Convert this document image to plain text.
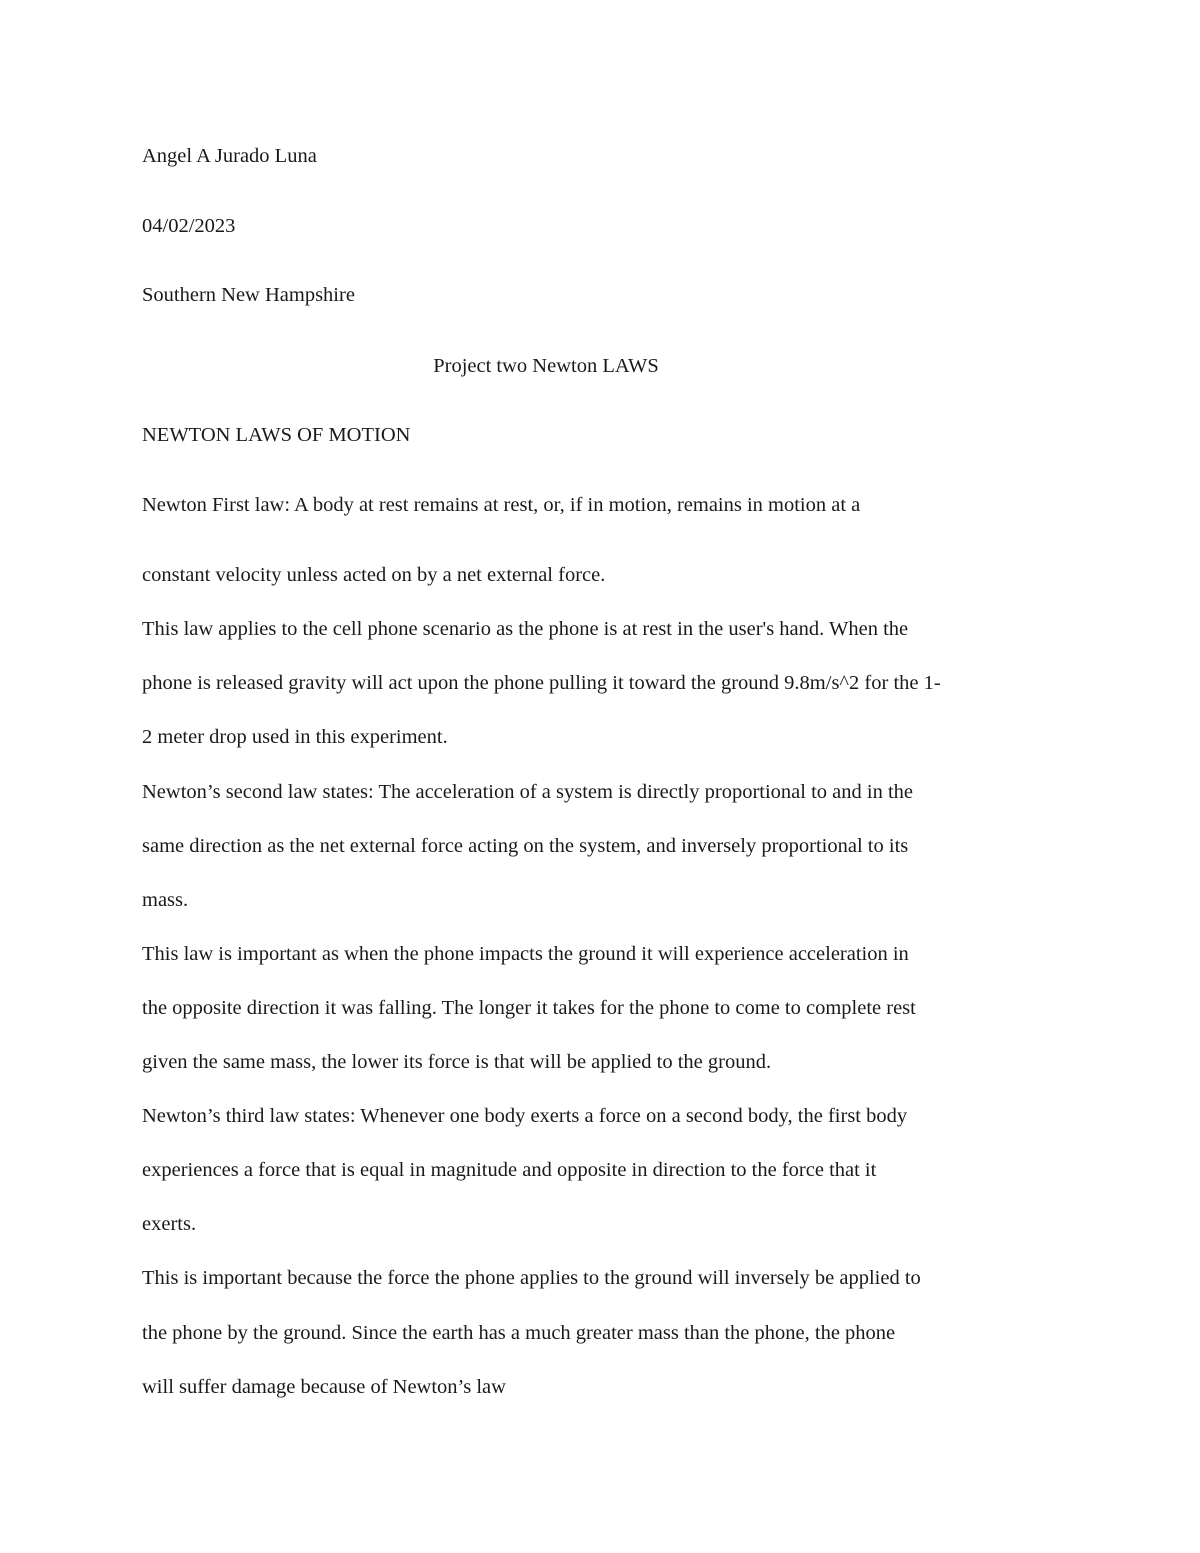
Angel A Jurado Luna
04/02/2023
Southern New Hampshire
Project two Newton LAWS
NEWTON LAWS OF MOTION
Newton First law: A body at rest remains at rest, or, if in motion, remains in motion at a
constant velocity unless acted on by a net external force.
This law applies to the cell phone scenario as the phone is at rest in the user's hand. When the
phone is released gravity will act upon the phone pulling it toward the ground 9.8m/s^2 for the 1-
2 meter drop used in this experiment.
Newton’s second law states: The acceleration of a system is directly proportional to and in the
same direction as the net external force acting on the system, and inversely proportional to its
mass.
This law is important as when the phone impacts the ground it will experience acceleration in
the opposite direction it was falling. The longer it takes for the phone to come to complete rest
given the same mass, the lower its force is that will be applied to the ground.
Newton’s third law states: Whenever one body exerts a force on a second body, the first body
experiences a force that is equal in magnitude and opposite in direction to the force that it
exerts.
This is important because the force the phone applies to the ground will inversely be applied to
the phone by the ground. Since the earth has a much greater mass than the phone, the phone
will suffer damage because of Newton’s law
